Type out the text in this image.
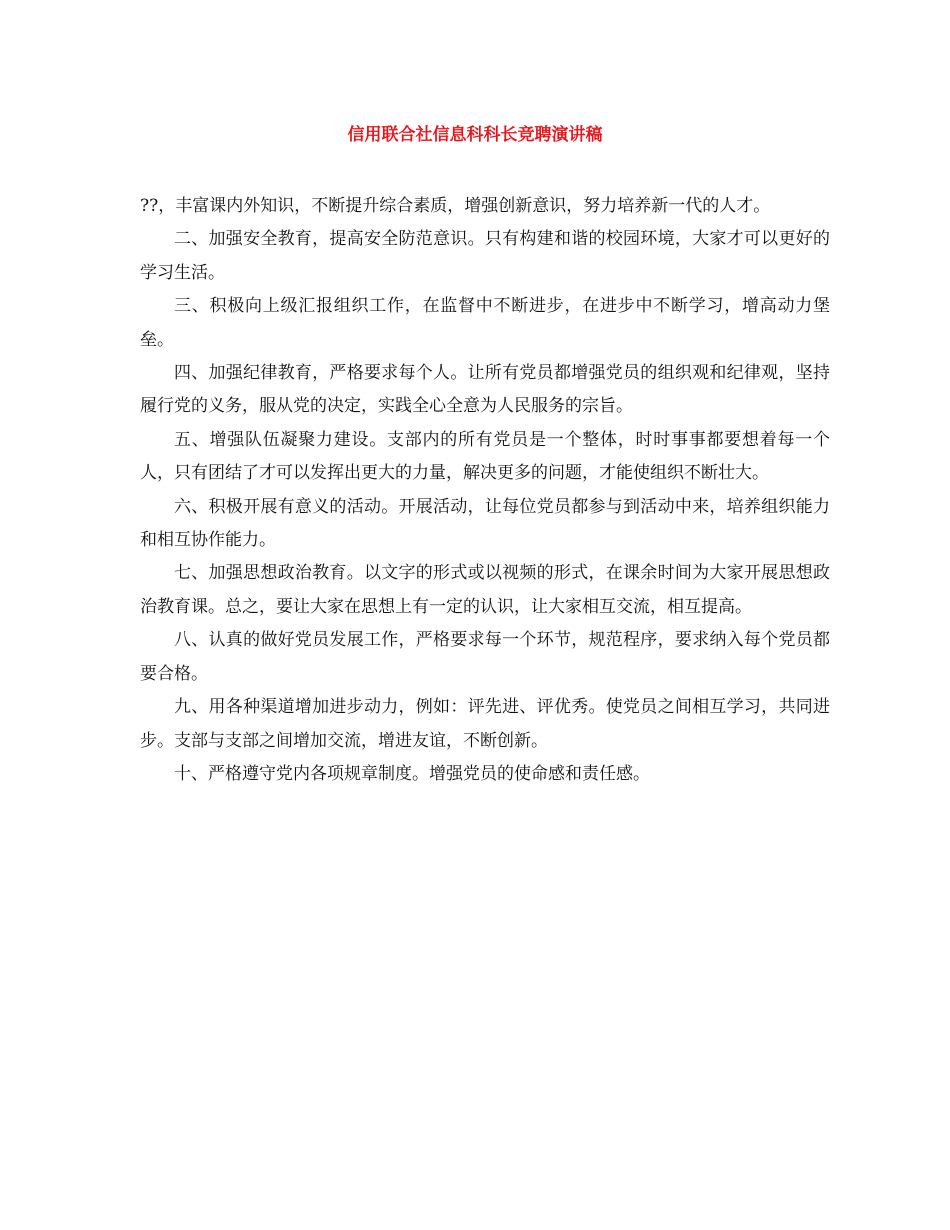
信用联合社信息科科长竞聘演讲稿

??，丰富课内外知识，不断提升综合素质，增强创新意识，努力培养新一代的人才。

二、加强安全教育，提高安全防范意识。只有构建和谐的校园环境，大家才可以更好的学习生活。

三、积极向上级汇报组织工作，在监督中不断进步，在进步中不断学习，增高动力堡垒。

四、加强纪律教育，严格要求每个人。让所有党员都增强党员的组织观和纪律观，坚持履行党的义务，服从党的决定，实践全心全意为人民服务的宗旨。

五、增强队伍凝聚力建设。支部内的所有党员是一个整体，时时事事都要想着每一个人，只有团结了才可以发挥出更大的力量，解决更多的问题，才能使组织不断壮大。

六、积极开展有意义的活动。开展活动，让每位党员都参与到活动中来，培养组织能力和相互协作能力。

七、加强思想政治教育。以文字的形式或以视频的形式，在课余时间为大家开展思想政治教育课。总之，要让大家在思想上有一定的认识，让大家相互交流，相互提高。

八、认真的做好党员发展工作，严格要求每一个环节，规范程序，要求纳入每个党员都要合格。

九、用各种渠道增加进步动力，例如：评先进、评优秀。使党员之间相互学习，共同进步。支部与支部之间增加交流，增进友谊，不断创新。

十、严格遵守党内各项规章制度。增强党员的使命感和责任感。
